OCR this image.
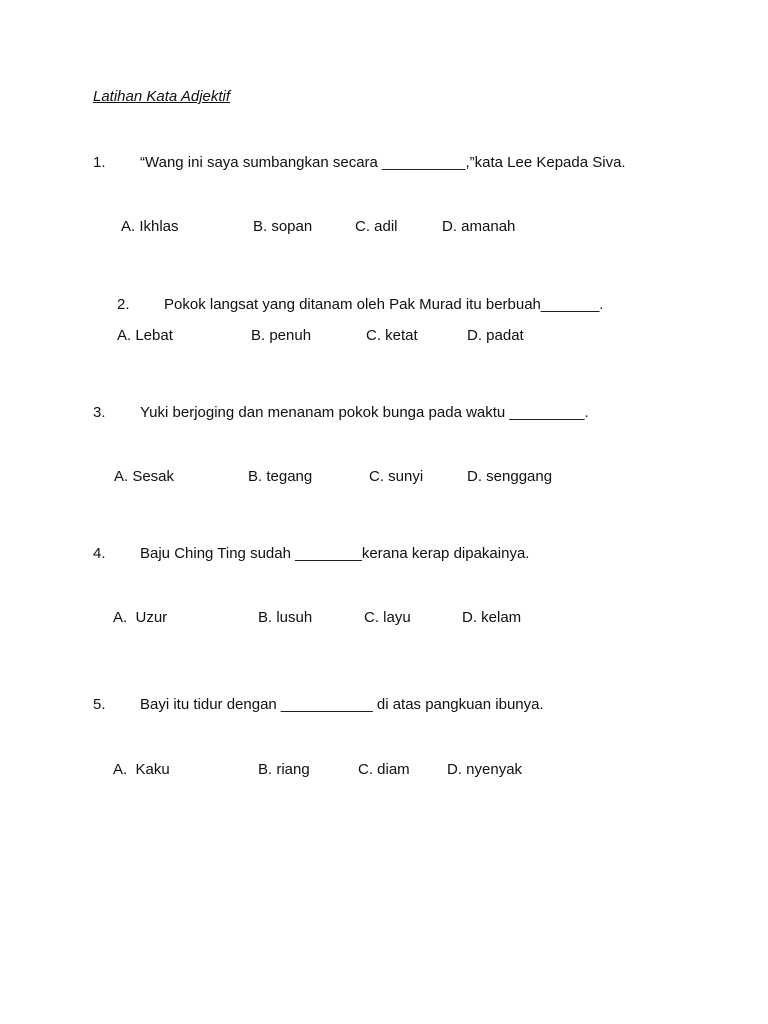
Latihan Kata Adjektif

1.

“Wang ini saya sumbangkan secara __________,”kata Lee Kepada Siva.

A. Ikhlas	B. sopan	C. adil	D. amanah

2.

Pokok langsat yang ditanam oleh Pak Murad itu berbuah_______.

A. Lebat	B. penuh	C. ketat	D. padat

3.

Yuki berjoging dan menanam pokok bunga pada waktu _________.

A. Sesak	B. tegang	C. sunyi	D. senggang

4.

Baju Ching Ting sudah ________kerana kerap dipakainya.

A.  Uzur	B. lusuh	C. layu	D. kelam

5.

Bayi itu tidur dengan ___________ di atas pangkuan ibunya.

A.  Kaku	B. riang	C. diam D. nyenyak
